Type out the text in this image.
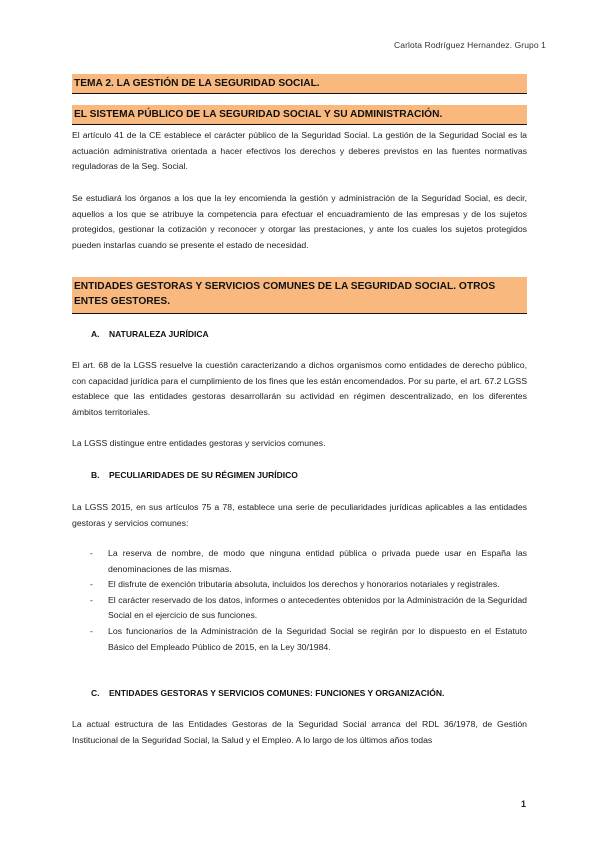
Carlota Rodríguez Hernandez. Grupo 1
TEMA 2. LA GESTIÓN DE LA SEGURIDAD SOCIAL.
EL SISTEMA PÚBLICO DE LA SEGURIDAD SOCIAL Y SU ADMINISTRACIÓN.

El artículo 41 de la CE establece el carácter público de la Seguridad Social. La gestión de la Seguridad Social es la actuación administrativa orientada a hacer efectivos los derechos y deberes previstos en las fuentes normativas reguladoras de la Seg. Social.

Se estudiará los órganos a los que la ley encomienda la gestión y administración de la Seguridad Social, es decir, aquellos a los que se atribuye la competencia para efectuar el encuadramiento de las empresas y de los sujetos protegidos, gestionar la cotización y reconocer y otorgar las prestaciones, y ante los cuales los sujetos protegidos pueden instarlas cuando se presente el estado de necesidad.

ENTIDADES GESTORAS Y SERVICIOS COMUNES DE LA SEGURIDAD SOCIAL. OTROS ENTES GESTORES.
A. NATURALEZA JURÍDICA

El art. 68 de la LGSS resuelve la cuestión caracterizando a dichos organismos como entidades de derecho público, con capacidad jurídica para el cumplimiento de los fines que les están encomendados. Por su parte, el art. 67.2 LGSS establece que las entidades gestoras desarrollarán su actividad en régimen descentralizado, en los diferentes ámbitos territoriales.

La LGSS distingue entre entidades gestoras y servicios comunes.

B. PECULIARIDADES DE SU RÉGIMEN JURÍDICO

La LGSS 2015, en sus artículos 75 a 78, establece una serie de peculiaridades jurídicas aplicables a las entidades gestoras y servicios comunes:

- La reserva de nombre, de modo que ninguna entidad pública o privada puede usar en España las denominaciones de las mismas.
- El disfrute de exención tributaria absoluta, incluidos los derechos y honorarios notariales y registrales.
- El carácter reservado de los datos, informes o antecedentes obtenidos por la Administración de la Seguridad Social en el ejercicio de sus funciones.
- Los funcionarios de la Administración de la Seguridad Social se regirán por lo dispuesto en el Estatuto Básico del Empleado Público de 2015, en la Ley 30/1984.
C. ENTIDADES GESTORAS Y SERVICIOS COMUNES: FUNCIONES Y ORGANIZACIÓN.

La actual estructura de las Entidades Gestoras de la Seguridad Social arranca del RDL 36/1978, de Gestión Institucional de la Seguridad Social, la Salud y el Empleo. A lo largo de los últimos años todas

1
